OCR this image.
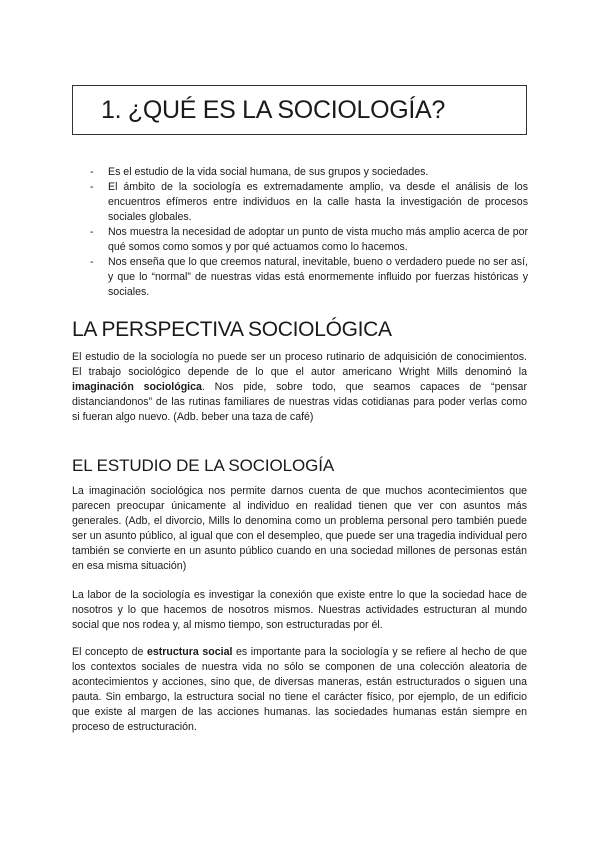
1. ¿QUÉ ES LA SOCIOLOGÍA?
- Es el estudio de la vida social humana, de sus grupos y sociedades.
- El ámbito de la sociología es extremadamente amplio, va desde el análisis de los encuentros efímeros entre individuos en la calle hasta la investigación de procesos sociales globales.
- Nos muestra la necesidad de adoptar un punto de vista mucho más amplio acerca de por qué somos como somos y por qué actuamos como lo hacemos.
- Nos enseña que lo que creemos natural, inevitable, bueno o verdadero puede no ser así, y que lo “normal” de nuestras vidas está enormemente influido por fuerzas históricas y sociales.
LA PERSPECTIVA SOCIOLÓGICA

El estudio de la sociología no puede ser un proceso rutinario de adquisición de conocimientos. El trabajo sociológico depende de lo que el autor americano Wright Mills denominó la imaginación sociológica. Nos pide, sobre todo, que seamos capaces de “pensar distanciandonos” de las rutinas familiares de nuestras vidas cotidianas para poder verlas como si fueran algo nuevo. (Adb. beber una taza de café)

EL ESTUDIO DE LA SOCIOLOGÍA

La imaginación sociológica nos permite darnos cuenta de que muchos acontecimientos que parecen preocupar únicamente al individuo en realidad tienen que ver con asuntos más generales. (Adb, el divorcio, Mills lo denomina como un problema personal pero también puede ser un asunto público, al igual que con el desempleo, que puede ser una tragedia individual pero también se convierte en un asunto público cuando en una sociedad millones de personas están en esa misma situación)

La labor de la sociología es investigar la conexión que existe entre lo que la sociedad hace de nosotros y lo que hacemos de nosotros mismos. Nuestras actividades estructuran al mundo social que nos rodea y, al mismo tiempo, son estructuradas por él.

El concepto de estructura social es importante para la sociología y se refiere al hecho de que los contextos sociales de nuestra vida no sólo se componen de una colección aleatoria de acontecimientos y acciones, sino que, de diversas maneras, están estructurados o siguen una pauta. Sin embargo, la estructura social no tiene el carácter físico, por ejemplo, de un edificio que existe al margen de las acciones humanas. las sociedades humanas están siempre en proceso de estructuración.
